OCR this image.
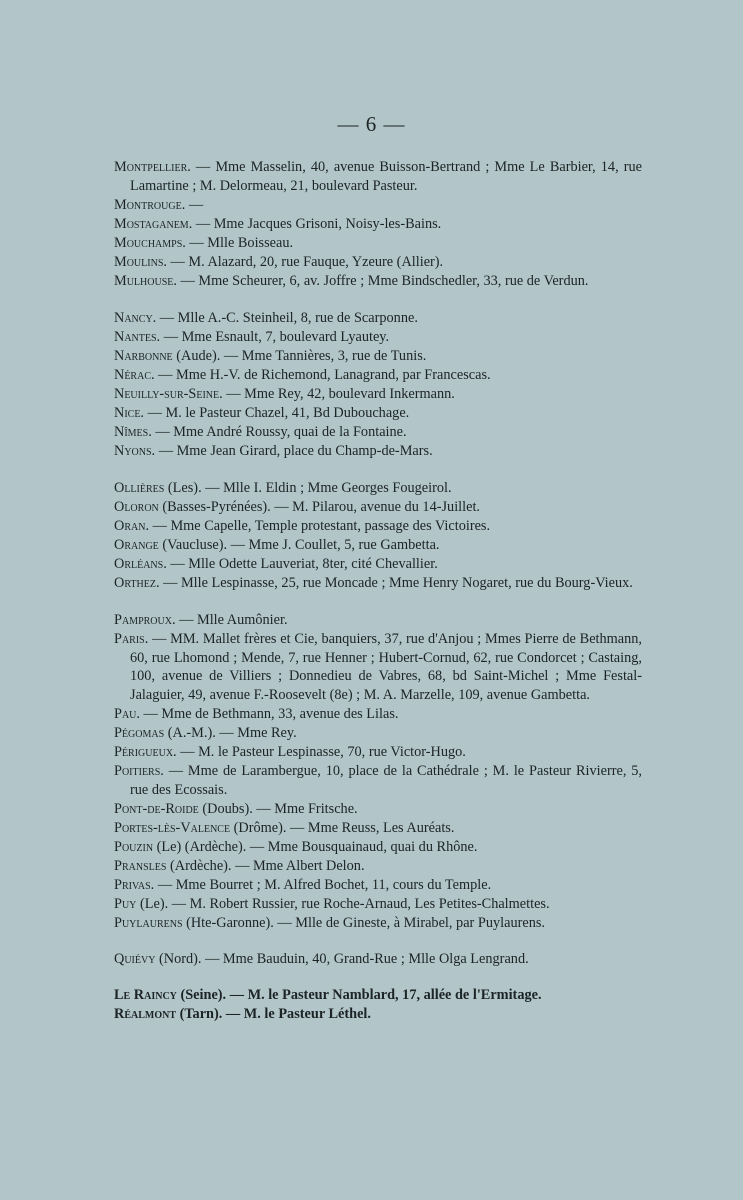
— 6 —
Montpellier. — Mme Masselin, 40, avenue Buisson-Bertrand ; Mme Le Barbier, 14, rue Lamartine ; M. Delormeau, 21, boulevard Pasteur.
Montrouge. —
Mostaganem. — Mme Jacques Grisoni, Noisy-les-Bains.
Mouchamps. — Mlle Boisseau.
Moulins. — M. Alazard, 20, rue Fauque, Yzeure (Allier).
Mulhouse. — Mme Scheurer, 6, av. Joffre ; Mme Bindschedler, 33, rue de Verdun.
Nancy. — Mlle A.-C. Steinheil, 8, rue de Scarponne.
Nantes. — Mme Esnault, 7, boulevard Lyautey.
Narbonne (Aude). — Mme Tannières, 3, rue de Tunis.
Nérac. — Mme H.-V. de Richemond, Lanagrand, par Francescas.
Neuilly-sur-Seine. — Mme Rey, 42, boulevard Inkermann.
Nice. — M. le Pasteur Chazel, 41, Bd Dubouchage.
Nîmes. — Mme André Roussy, quai de la Fontaine.
Nyons. — Mme Jean Girard, place du Champ-de-Mars.
Ollières (Les). — Mlle I. Eldin ; Mme Georges Fougeirol.
Oloron (Basses-Pyrénées). — M. Pilarou, avenue du 14-Juillet.
Oran. — Mme Capelle, Temple protestant, passage des Victoires.
Orange (Vaucluse). — Mme J. Coullet, 5, rue Gambetta.
Orléans. — Mlle Odette Lauveriat, 8ter, cité Chevallier.
Orthez. — Mlle Lespinasse, 25, rue Moncade ; Mme Henry Nogaret, rue du Bourg-Vieux.
Pamproux. — Mlle Aumônier.
Paris. — MM. Mallet frères et Cie, banquiers, 37, rue d'Anjou ; Mmes Pierre de Bethmann, 60, rue Lhomond ; Mende, 7, rue Henner ; Hubert-Cornud, 62, rue Condorcet ; Castaing, 100, avenue de Villiers ; Donnedieu de Vabres, 68, bd Saint-Michel ; Mme Festal-Jalaguier, 49, avenue F.-Roosevelt (8e) ; M. A. Marzelle, 109, avenue Gambetta.
Pau. — Mme de Bethmann, 33, avenue des Lilas.
Pégomas (A.-M.). — Mme Rey.
Périgueux. — M. le Pasteur Lespinasse, 70, rue Victor-Hugo.
Poitiers. — Mme de Larambergue, 10, place de la Cathédrale ; M. le Pasteur Rivierre, 5, rue des Ecossais.
Pont-de-Roide (Doubs). — Mme Fritsche.
Portes-lès-Valence (Drôme). — Mme Reuss, Les Auréats.
Pouzin (Le) (Ardèche). — Mme Bousquainaud, quai du Rhône.
Pransles (Ardèche). — Mme Albert Delon.
Privas. — Mme Bourret ; M. Alfred Bochet, 11, cours du Temple.
Puy (Le). — M. Robert Russier, rue Roche-Arnaud, Les Petites-Chalmettes.
Puylaurens (Hte-Garonne). — Mlle de Gineste, à Mirabel, par Puylaurens.
Quiévy (Nord). — Mme Bauduin, 40, Grand-Rue ; Mlle Olga Lengrand.
Le Raincy (Seine). — M. le Pasteur Namblard, 17, allée de l'Ermitage.
Réalmont (Tarn). — M. le Pasteur Léthel.
